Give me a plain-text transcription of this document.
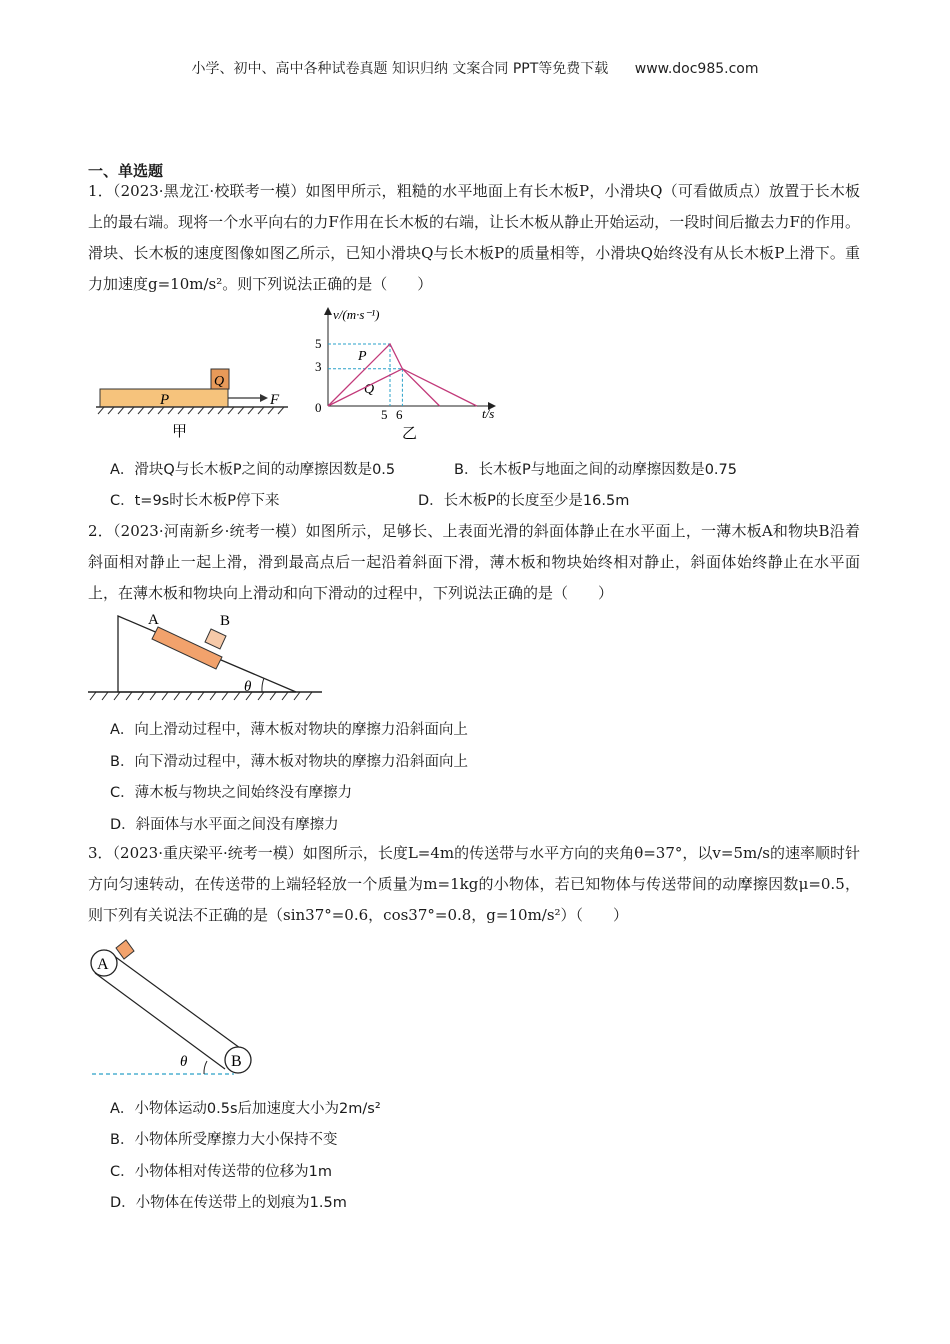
小学、初中、高中各种试卷真题 知识归纳 文案合同 PPT等免费下载 www.doc985.com
一、单选题
1．（2023·黑龙江·校联考一模）如图甲所示，粗糙的水平地面上有长木板P，小滑块Q（可看做质点）放置于长木板上的最右端。现将一个水平向右的力F作用在长木板的右端，让长木板从静止开始运动，一段时间后撤去力F的作用。滑块、长木板的速度图像如图乙所示，已知小滑块Q与长木板P的质量相等，小滑块Q始终没有从长木板P上滑下。重力加速度g=10m/s²。则下列说法正确的是（　　）
P
Q
F
甲
v/(m·s⁻¹)
t/s
0
5
3
5 6
P
Q
乙
A．滑块Q与长木板P之间的动摩擦因数是0.5	B．长木板P与地面之间的动摩擦因数是0.75
C．t=9s时长木板P停下来	D．长木板P的长度至少是16.5m
2．（2023·河南新乡·统考一模）如图所示，足够长、上表面光滑的斜面体静止在水平面上，一薄木板A和物块B沿着斜面相对静止一起上滑，滑到最高点后一起沿着斜面下滑，薄木板和物块始终相对静止，斜面体始终静止在水平面上，在薄木板和物块向上滑动和向下滑动的过程中，下列说法正确的是（　　）
A	B
θ
A．向上滑动过程中，薄木板对物块的摩擦力沿斜面向上
B．向下滑动过程中，薄木板对物块的摩擦力沿斜面向上
C．薄木板与物块之间始终没有摩擦力
D．斜面体与水平面之间没有摩擦力
3．（2023·重庆梁平·统考一模）如图所示，长度L=4m的传送带与水平方向的夹角θ=37°，以v=5m/s的速率顺时针方向匀速转动，在传送带的上端轻轻放一个质量为m=1kg的小物体，若已知物体与传送带间的动摩擦因数μ=0.5，则下列有关说法不正确的是（sin37°=0.6，cos37°=0.8，g=10m/s²）（　　）
A
B
θ
A．小物体运动0.5s后加速度大小为2m/s²
B．小物体所受摩擦力大小保持不变
C．小物体相对传送带的位移为1m
D．小物体在传送带上的划痕为1.5m
